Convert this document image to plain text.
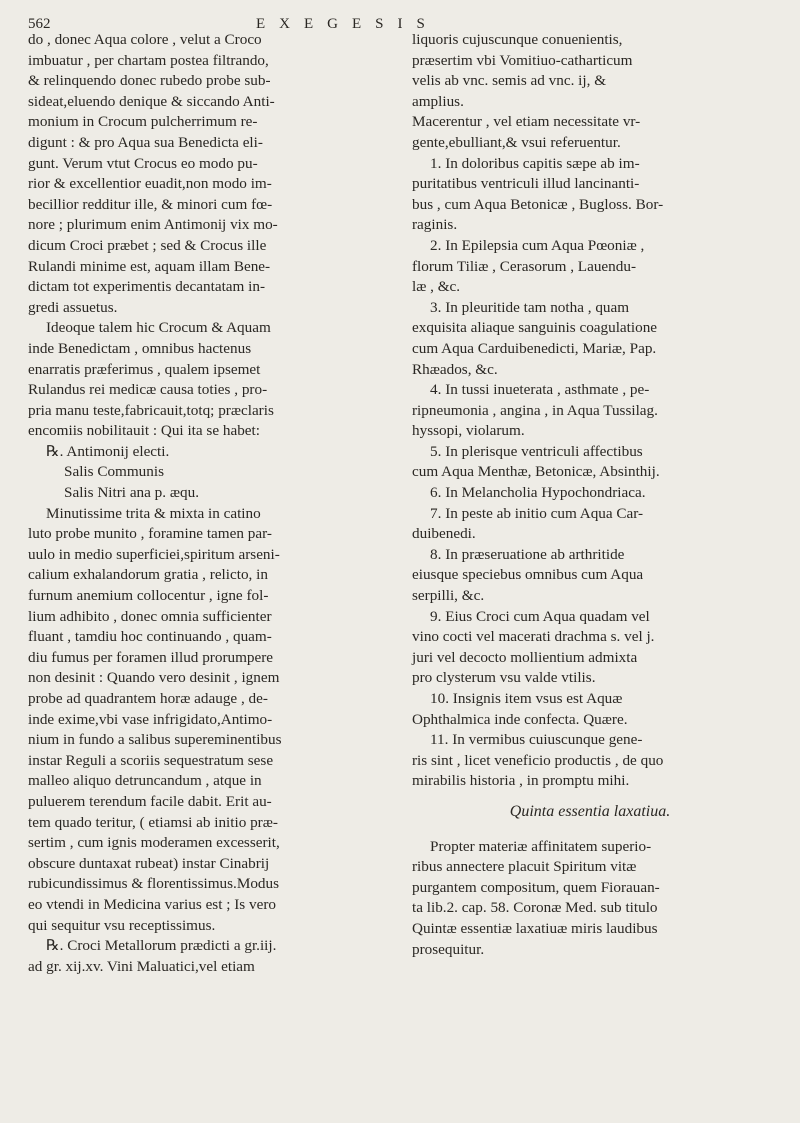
562	EXEGESIS
do , donec Aqua colore , velut a Croco
imbuatur , per chartam postea filtrando,
& relinquendo donec rubedo probe sub-
sideat,eluendo denique & siccando Anti-
monium in Crocum pulcherrimum re-
digunt : & pro Aqua sua Benedicta eli-
gunt. Verum vtut Crocus eo modo pu-
rior & excellentior euadit,non modo im-
becillior redditur ille, & minori cum fœ-
nore ; plurimum enim Antimonij vix mo-
dicum Croci præbet ; sed & Crocus ille
Rulandi minime est, aquam illam Bene-
dictam tot experimentis decantatam in-
gredi assuetus.
Ideoque talem hic Crocum & Aquam
inde Benedictam , omnibus hactenus
enarratis præferimus , qualem ipsemet
Rulandus rei medicæ causa toties , pro-
pria manu teste,fabricauit,totq; præclaris
encomiis nobilitauit : Qui ita se habet:
℞. Antimonij electi.
Salis Communis
Salis Nitri ana p. æqu.
Minutissime trita & mixta in catino
luto probe munito , foramine tamen par-
uulo in medio superficiei,spiritum arseni-
calium exhalandorum gratia , relicto, in
furnum anemium collocentur , igne fol-
lium adhibito , donec omnia sufficienter
fluant , tamdiu hoc continuando , quam-
diu fumus per foramen illud prorumpere
non desinit : Quando vero desinit , ignem
probe ad quadrantem horæ adauge , de-
inde exime,vbi vase infrigidato,Antimo-
nium in fundo a salibus supereminentibus
instar Reguli a scoriis sequestratum sese
malleo aliquo detruncandum , atque in
puluerem terendum facile dabit. Erit au-
tem quado teritur, ( etiamsi ab initio præ-
sertim , cum ignis moderamen excesserit,
obscure duntaxat rubeat) instar Cinabrij
rubicundissimus & florentissimus.Modus
eo vtendi in Medicina varius est ; Is vero
qui sequitur vsu receptissimus.
℞. Croci Metallorum prædicti a gr.iij.
ad gr. xij.xv. Vini Maluatici,vel etiam
liquoris cujuscunque conuenientis,
præsertim vbi Vomitiuo-catharticum
velis ab vnc. semis ad vnc. ij, &
amplius.
Macerentur , vel etiam necessitate vr-
gente,ebulliant,& vsui referuentur.
1. In doloribus capitis sæpe ab im-
puritatibus ventriculi illud lancinanti-
bus , cum Aqua Betonicæ , Bugloss. Bor-
raginis.
2. In Epilepsia cum Aqua Pœoniæ ,
florum Tiliæ , Cerasorum , Lauendu-
læ , &c.
3. In pleuritide tam notha , quam
exquisita aliaque sanguinis coagulatione
cum Aqua Carduibenedicti, Mariæ, Pap.
Rhæados, &c.
4. In tussi inueterata , asthmate , pe-
ripneumonia , angina , in Aqua Tussilag.
hyssopi, violarum.
5. In plerisque ventriculi affectibus
cum Aqua Menthæ, Betonicæ, Absinthij.
6. In Melancholia Hypochondriaca.
7. In peste ab initio cum Aqua Car-
duibenedi.
8. In præseruatione ab arthritide
eiusque speciebus omnibus cum Aqua
serpilli, &c.
9. Eius Croci cum Aqua quadam vel
vino cocti vel macerati drachma s. vel j.
juri vel decocto mollientium admixta
pro clysterum vsu valde vtilis.
10. Insignis item vsus est Aquæ
Ophthalmica inde confecta. Quære.
11. In vermibus cuiuscunque gene-
ris sint , licet veneficio productis , de quo
mirabilis historia , in promptu mihi.
Quinta essentia laxatiua.
Propter materiæ affinitatem superio-
ribus annectere placuit Spiritum vitæ
purgantem compositum, quem Fiorauan-
ta lib.2. cap. 58. Coronæ Med. sub titulo
Quintæ essentiæ laxatiuæ miris laudibus
prosequitur.
